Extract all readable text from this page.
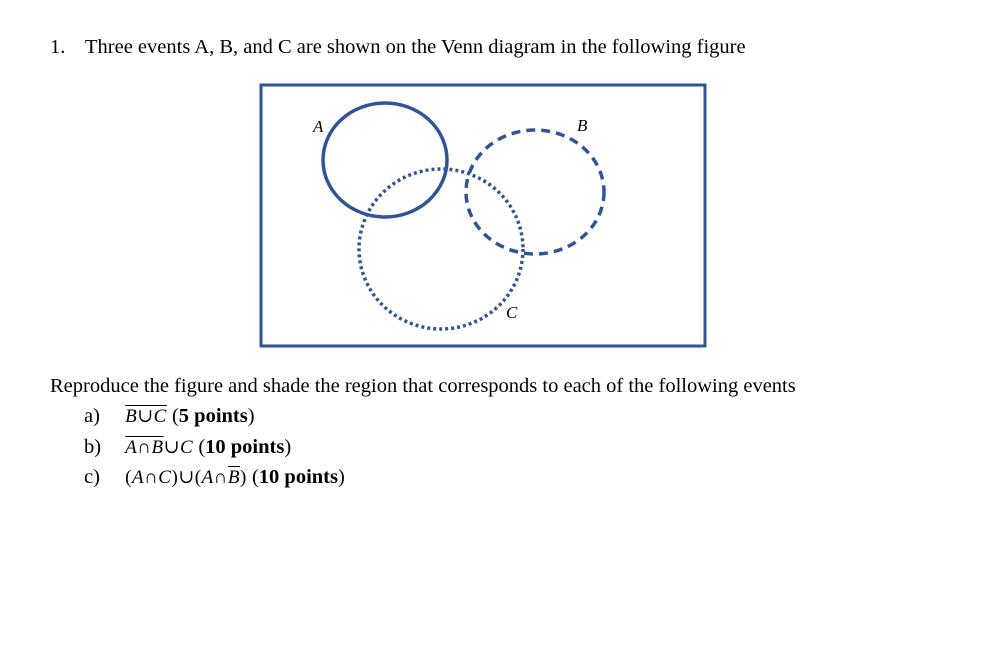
1. Three events A, B, and C are shown on the Venn diagram in the following figure
A	B
C
Reproduce the figure and shade the region that corresponds to each of the following events
a) B∪C (5 points)
b) A∩B∪C (10 points)
c) $(A\cap C)\cup(A\cap\overline{B})$ (10 points)
